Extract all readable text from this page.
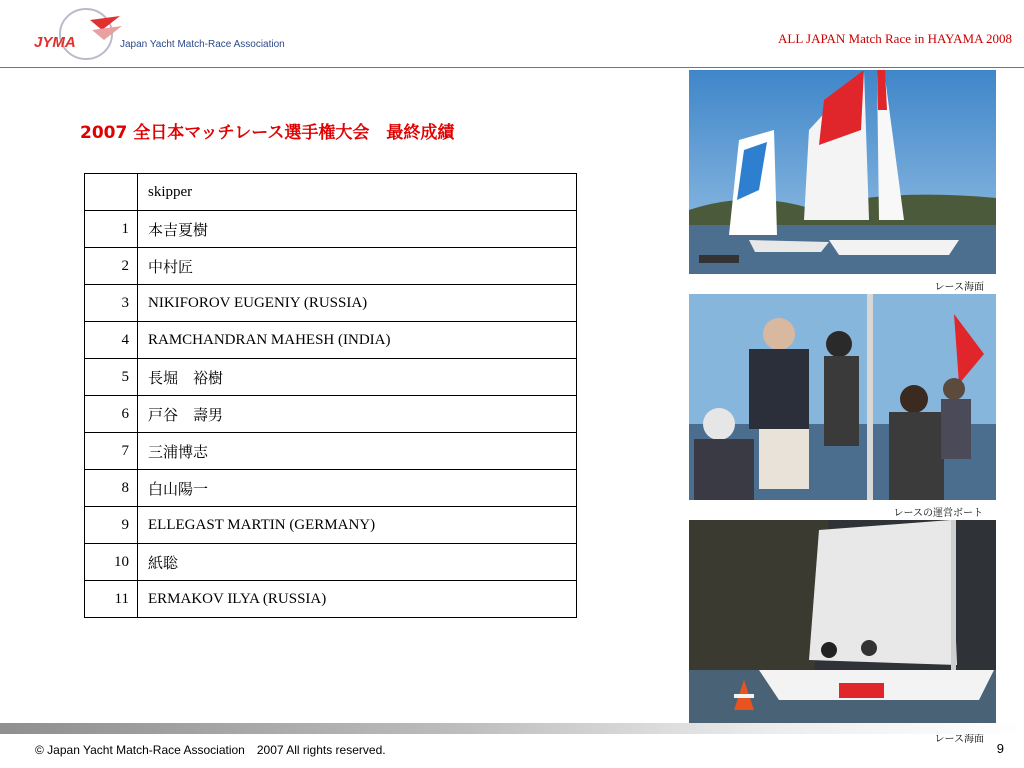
JYMA	Japan Yacht Match-Race Association	ALL JAPAN Match Race in HAYAMA 2008
2007 全日本マッチレース選手権大会　最終成績
	skipper
1	本吉夏樹
2	中村匠
3	NIKIFOROV EUGENIY (RUSSIA)
4	RAMCHANDRAN MAHESH (INDIA)
5	長堀　裕樹
6	戸谷　壽男
7	三浦博志
8	白山陽一
9	ELLEGAST MARTIN (GERMANY)
10	紙聡
11	ERMAKOV ILYA (RUSSIA)
レース海面
レースの運営ボート
レース海面
© Japan Yacht Match-Race Association　2007 All rights reserved.	9
